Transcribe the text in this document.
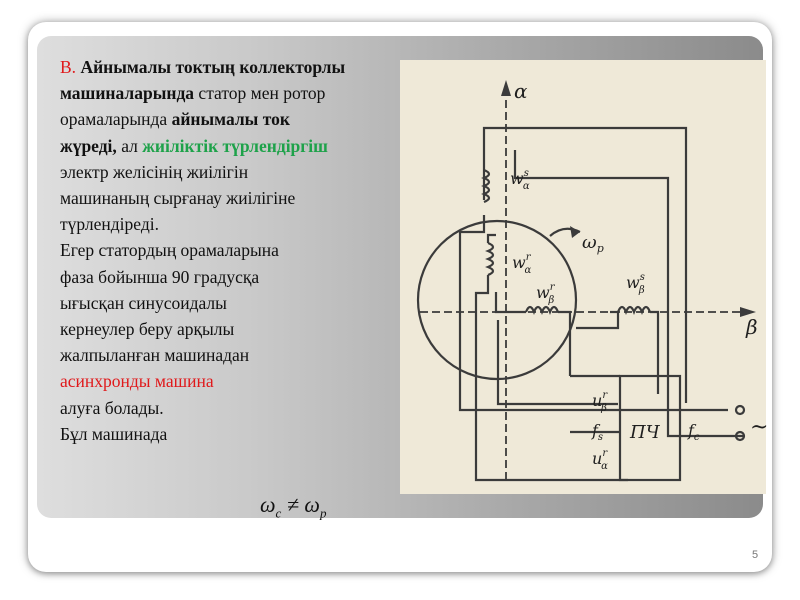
B. Айнымалы токтың коллекторлы
машиналарында статор мен ротор
орамаларында айнымалы ток
жүреді, ал жиіліктік түрлендіргіш
электр желісінің жиілігін
машинаның сырғанау жиілігіне
түрлендіреді.
Егер статордың орамаларына
фаза бойынша 90 градусқа
ығысқан синусоидалы
кернеулер беру арқылы
жалпыланған машинадан
асинхронды машина
алуға болады.
Бұл машинада
α
β
$\omega_p$
$w^s$ α
$w^r$ α
$w^r$ β
$w^s$ β
$u^r$ β
$f_s$
$u^r$ α
ПЧ $f_c$ ~
$\omega_c \ne \omega_p$
5
